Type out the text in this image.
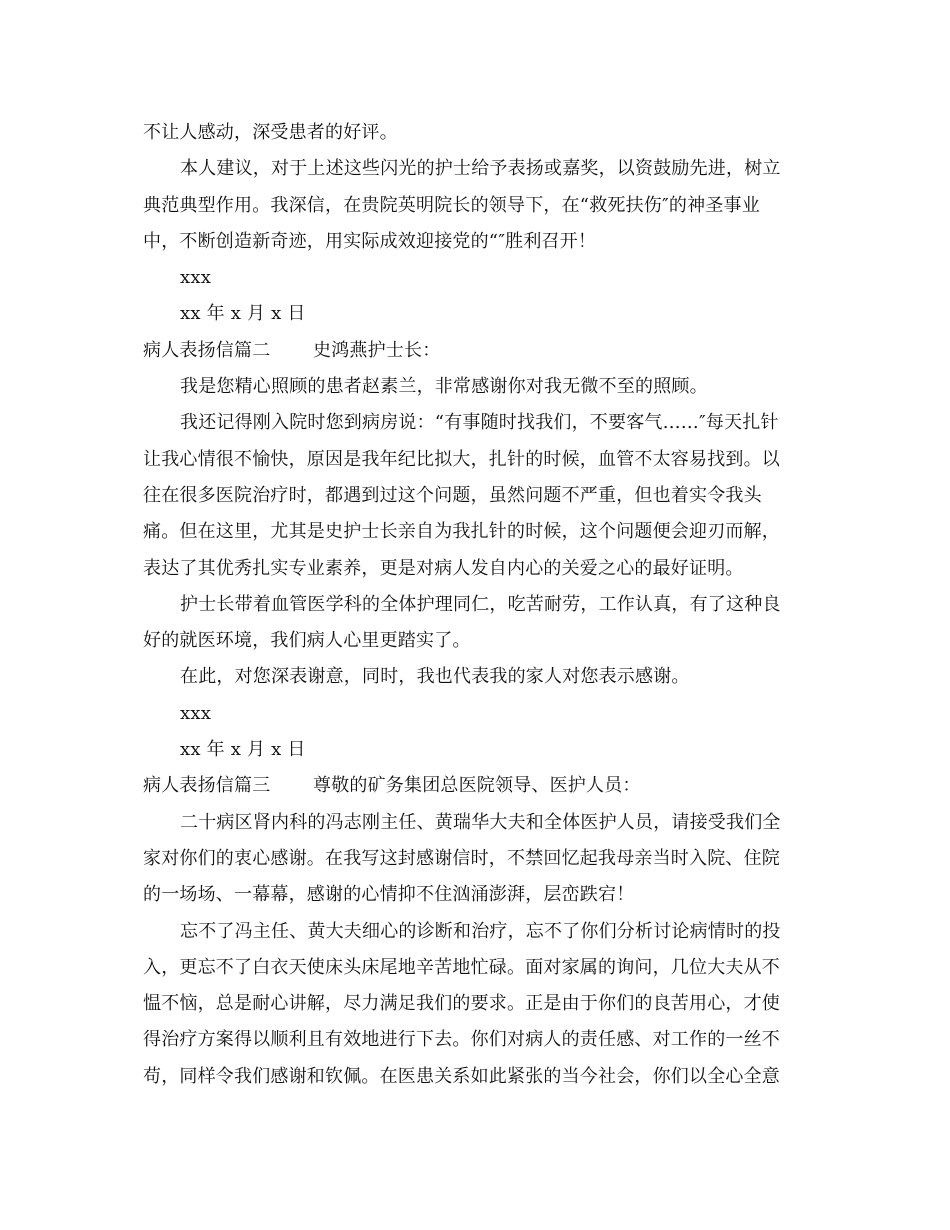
不让人感动，深受患者的好评。
本人建议，对于上述这些闪光的护士给予表扬或嘉奖，以资鼓励先进，树立
典范典型作用。我深信，在贵院英明院长的领导下，在“救死扶伤″的神圣事业
中，不断创造新奇迹，用实际成效迎接党的“″胜利召开！
xxx
xx 年 x 月 x 日
病人表扬信篇二	史鸿燕护士长：
我是您精心照顾的患者赵素兰，非常感谢你对我无微不至的照顾。
我还记得刚入院时您到病房说：“有事随时找我们，不要客气……″每天扎针
让我心情很不愉快，原因是我年纪比拟大，扎针的时候，血管不太容易找到。以
往在很多医院治疗时，都遇到过这个问题，虽然问题不严重，但也着实令我头
痛。但在这里，尤其是史护士长亲自为我扎针的时候，这个问题便会迎刃而解，
表达了其优秀扎实专业素养，更是对病人发自内心的关爱之心的最好证明。
护士长带着血管医学科的全体护理同仁，吃苦耐劳，工作认真，有了这种良
好的就医环境，我们病人心里更踏实了。
在此，对您深表谢意，同时，我也代表我的家人对您表示感谢。
xxx
xx 年 x 月 x 日
病人表扬信篇三	尊敬的矿务集团总医院领导、医护人员：
二十病区肾内科的冯志刚主任、黄瑞华大夫和全体医护人员，请接受我们全
家对你们的衷心感谢。在我写这封感谢信时，不禁回忆起我母亲当时入院、住院
的一场场、一幕幕，感谢的心情抑不住汹涌澎湃，层峦跌宕！
忘不了冯主任、黄大夫细心的诊断和治疗，忘不了你们分析讨论病情时的投
入，更忘不了白衣天使床头床尾地辛苦地忙碌。面对家属的询问，几位大夫从不
愠不恼，总是耐心讲解，尽力满足我们的要求。正是由于你们的良苦用心，才使
得治疗方案得以顺利且有效地进行下去。你们对病人的责任感、对工作的一丝不
苟，同样令我们感谢和钦佩。在医患关系如此紧张的当今社会，你们以全心全意
